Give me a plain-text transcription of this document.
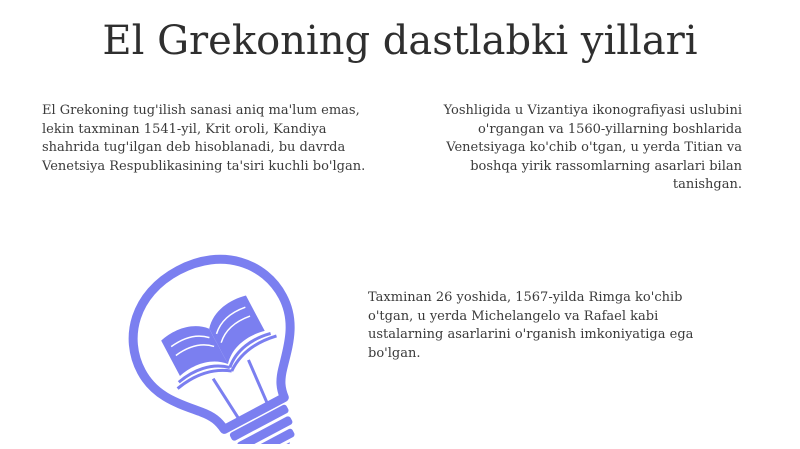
El Grekoning dastlabki yillari

El Grekoning tug'ilish sanasi aniq ma'lum emas, lekin taxminan 1541-yil, Krit oroli, Kandiya shahrida tug'ilgan deb hisoblanadi, bu davrda Venetsiya Respublikasining ta'siri kuchli bo'lgan.

Yoshligida u Vizantiya ikonografiyasi uslubini o'rgangan va 1560-yillarning boshlarida Venetsiyaga ko'chib o'tgan, u yerda Titian va boshqa yirik rassomlarning asarlari bilan tanishgan.

Taxminan 26 yoshida, 1567-yilda Rimga ko'chib o'tgan, u yerda Michelangelo va Rafael kabi ustalarning asarlarini o'rganish imkoniyatiga ega bo'lgan.
